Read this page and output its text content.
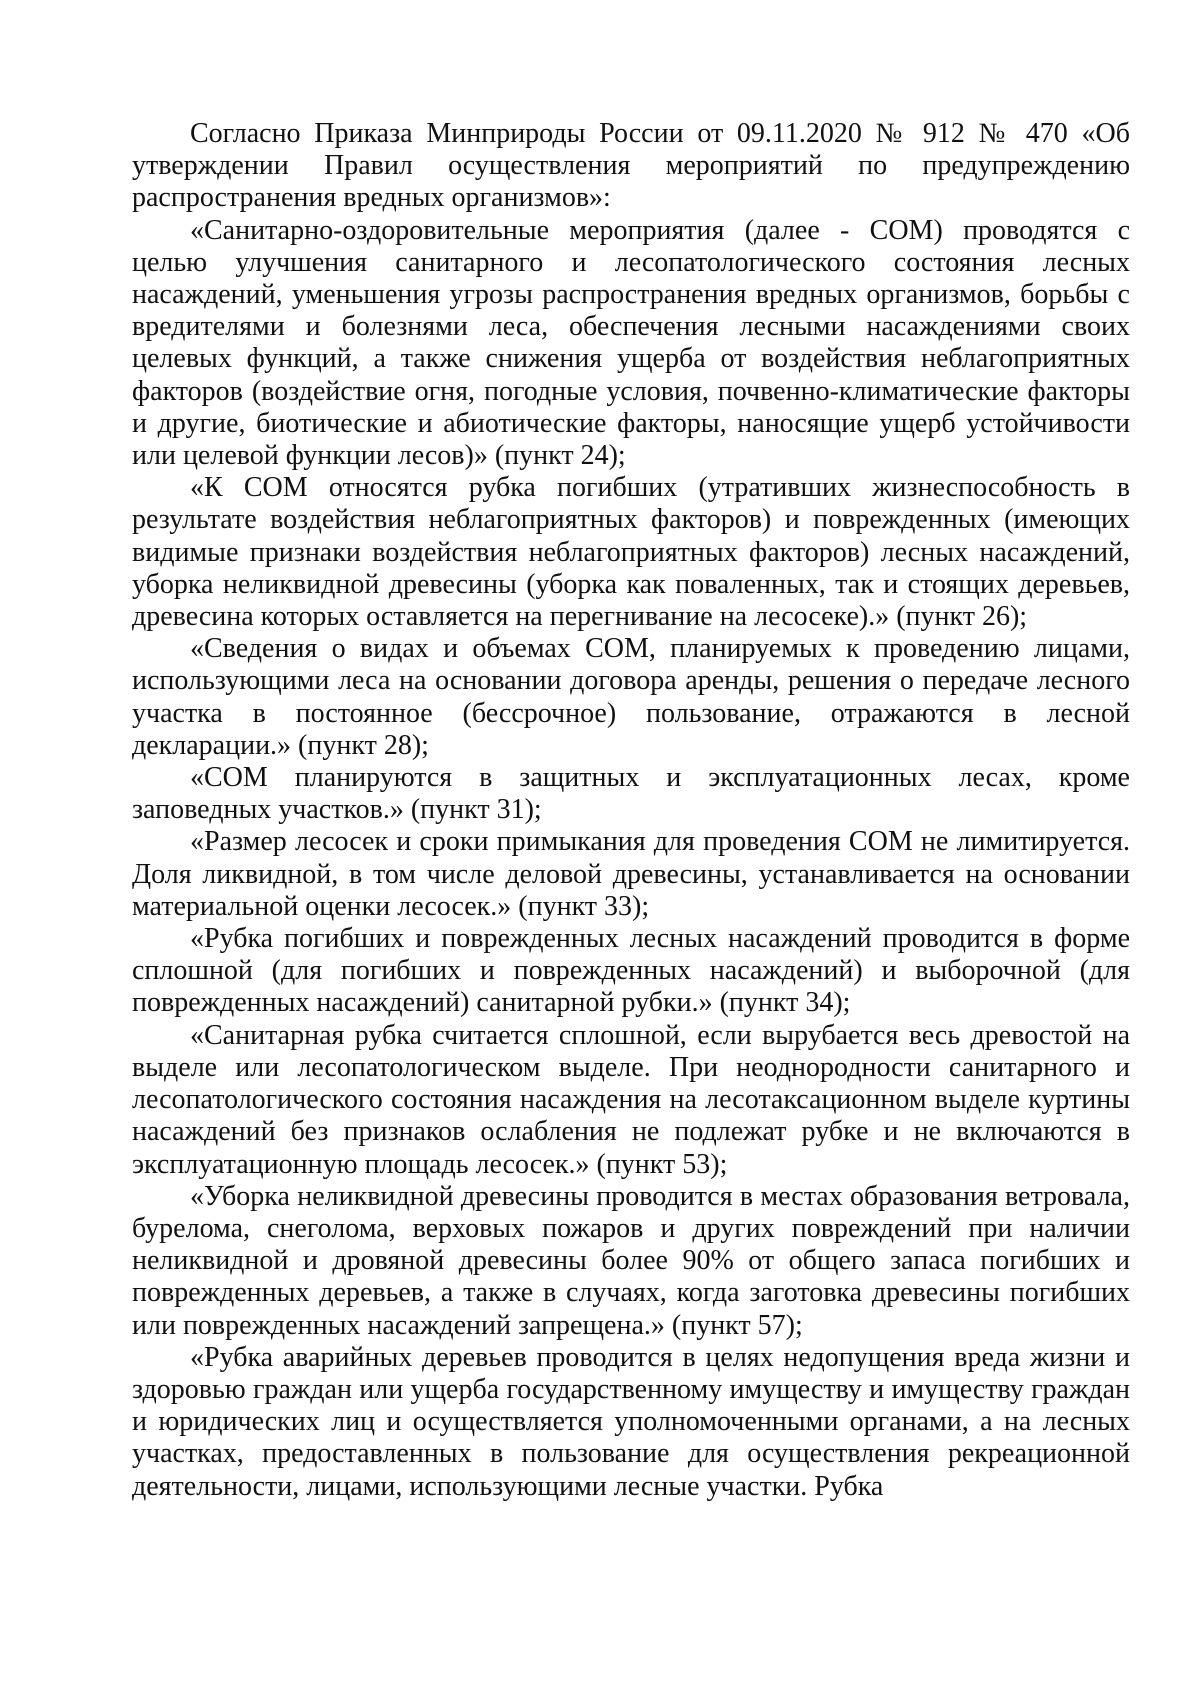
Согласно Приказа Минприроды России от 09.11.2020 № 912 № 470 «Об утверждении Правил осуществления мероприятий по предупреждению распространения вредных организмов»:

«Санитарно-оздоровительные мероприятия (далее - СОМ) проводятся с целью улучшения санитарного и лесопатологического состояния лесных насаждений, уменьшения угрозы распространения вредных организмов, борьбы с вредителями и болезнями леса, обеспечения лесными насаждениями своих целевых функций, а также снижения ущерба от воздействия неблагоприятных факторов (воздействие огня, погодные условия, почвенно-климатические факторы и другие, биотические и абиотические факторы, наносящие ущерб устойчивости или целевой функции лесов)» (пункт 24);

«К СОМ относятся рубка погибших (утративших жизнеспособность в результате воздействия неблагоприятных факторов) и поврежденных (имеющих видимые признаки воздействия неблагоприятных факторов) лесных насаждений, уборка неликвидной древесины (уборка как поваленных, так и стоящих деревьев, древесина которых оставляется на перегнивание на лесосеке).» (пункт 26);

«Сведения о видах и объемах СОМ, планируемых к проведению лицами, использующими леса на основании договора аренды, решения о передаче лесного участка в постоянное (бессрочное) пользование, отражаются в лесной декларации.» (пункт 28);

«СОМ планируются в защитных и эксплуатационных лесах, кроме заповедных участков.» (пункт 31);

«Размер лесосек и сроки примыкания для проведения СОМ не лимитируется. Доля ликвидной, в том числе деловой древесины, устанавливается на основании материальной оценки лесосек.» (пункт 33);

«Рубка погибших и поврежденных лесных насаждений проводится в форме сплошной (для погибших и поврежденных насаждений) и выборочной (для поврежденных насаждений) санитарной рубки.» (пункт 34);

«Санитарная рубка считается сплошной, если вырубается весь древостой на выделе или лесопатологическом выделе. При неоднородности санитарного и лесопатологического состояния насаждения на лесотаксационном выделе куртины насаждений без признаков ослабления не подлежат рубке и не включаются в эксплуатационную площадь лесосек.» (пункт 53);

«Уборка неликвидной древесины проводится в местах образования ветровала, бурелома, снеголома, верховых пожаров и других повреждений при наличии неликвидной и дровяной древесины более 90% от общего запаса погибших и поврежденных деревьев, а также в случаях, когда заготовка древесины погибших или поврежденных насаждений запрещена.» (пункт 57);

«Рубка аварийных деревьев проводится в целях недопущения вреда жизни и здоровью граждан или ущерба государственному имуществу и имуществу граждан и юридических лиц и осуществляется уполномоченными органами, а на лесных участках, предоставленных в пользование для осуществления рекреационной деятельности, лицами, использующими лесные участки. Рубка
